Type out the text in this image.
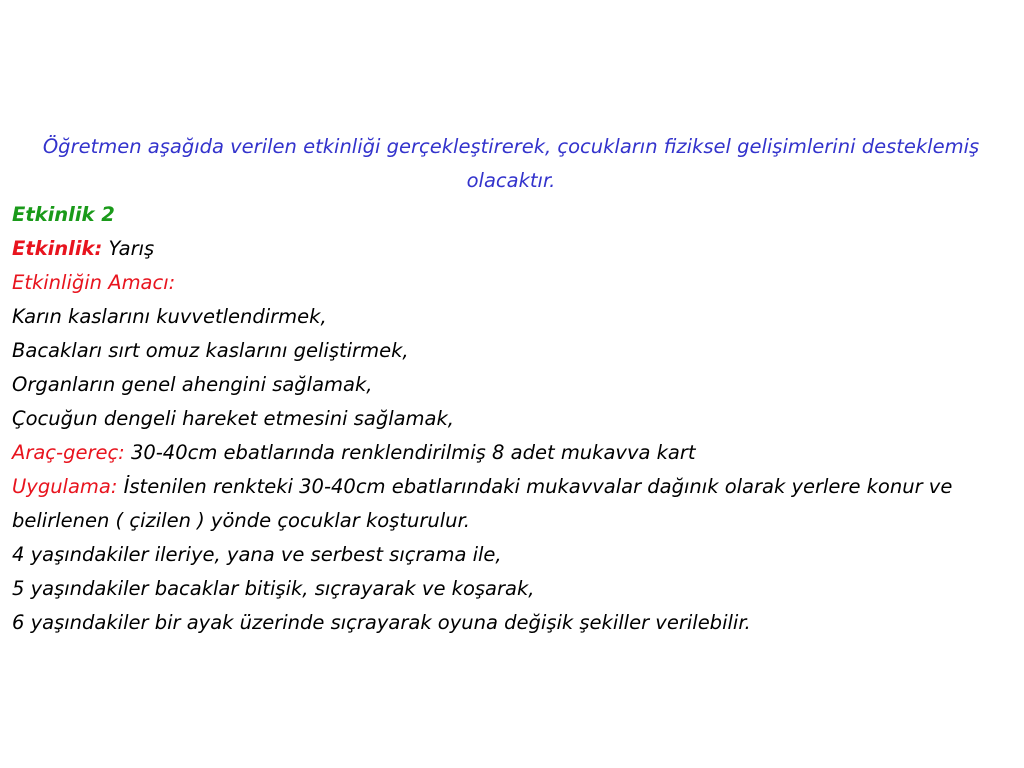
Öğretmen aşağıda verilen etkinliği gerçekleştirerek, çocukların fiziksel gelişimlerini desteklemiş olacaktır.

Etkinlik 2

Etkinlik: Yarış

Etkinliğin Amacı:

Karın kaslarını kuvvetlendirmek,

Bacakları sırt omuz kaslarını geliştirmek,

Organların genel ahengini sağlamak,

Çocuğun dengeli hareket etmesini sağlamak,

Araç-gereç: 30-40cm ebatlarında renklendirilmiş 8 adet mukavva kart

Uygulama: İstenilen renkteki 30-40cm ebatlarındaki mukavvalar dağınık olarak yerlere konur ve belirlenen ( çizilen ) yönde çocuklar koşturulur.

4 yaşındakiler ileriye, yana ve serbest sıçrama ile,

5 yaşındakiler bacaklar bitişik, sıçrayarak ve koşarak,

6 yaşındakiler bir ayak üzerinde sıçrayarak oyuna değişik şekiller verilebilir.
